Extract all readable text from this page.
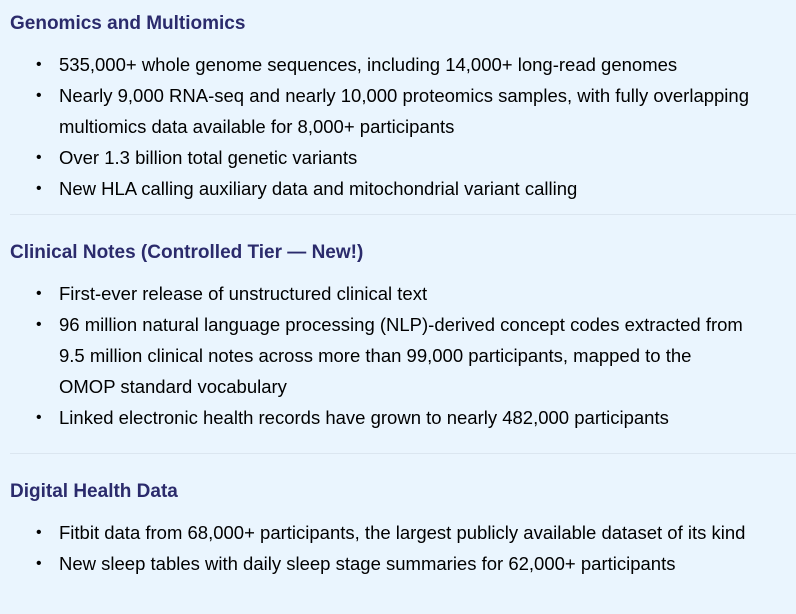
Genomics and Multiomics
• 535,000+ whole genome sequences, including 14,000+ long-read genomes
• Nearly 9,000 RNA-seq and nearly 10,000 proteomics samples, with fully overlapping multiomics data available for 8,000+ participants
• Over 1.3 billion total genetic variants
• New HLA calling auxiliary data and mitochondrial variant calling
Clinical Notes (Controlled Tier — New!)
• First-ever release of unstructured clinical text
• 96 million natural language processing (NLP)-derived concept codes extracted from 9.5 million clinical notes across more than 99,000 participants, mapped to the OMOP standard vocabulary
• Linked electronic health records have grown to nearly 482,000 participants
Digital Health Data
• Fitbit data from 68,000+ participants, the largest publicly available dataset of its kind
• New sleep tables with daily sleep stage summaries for 62,000+ participants
